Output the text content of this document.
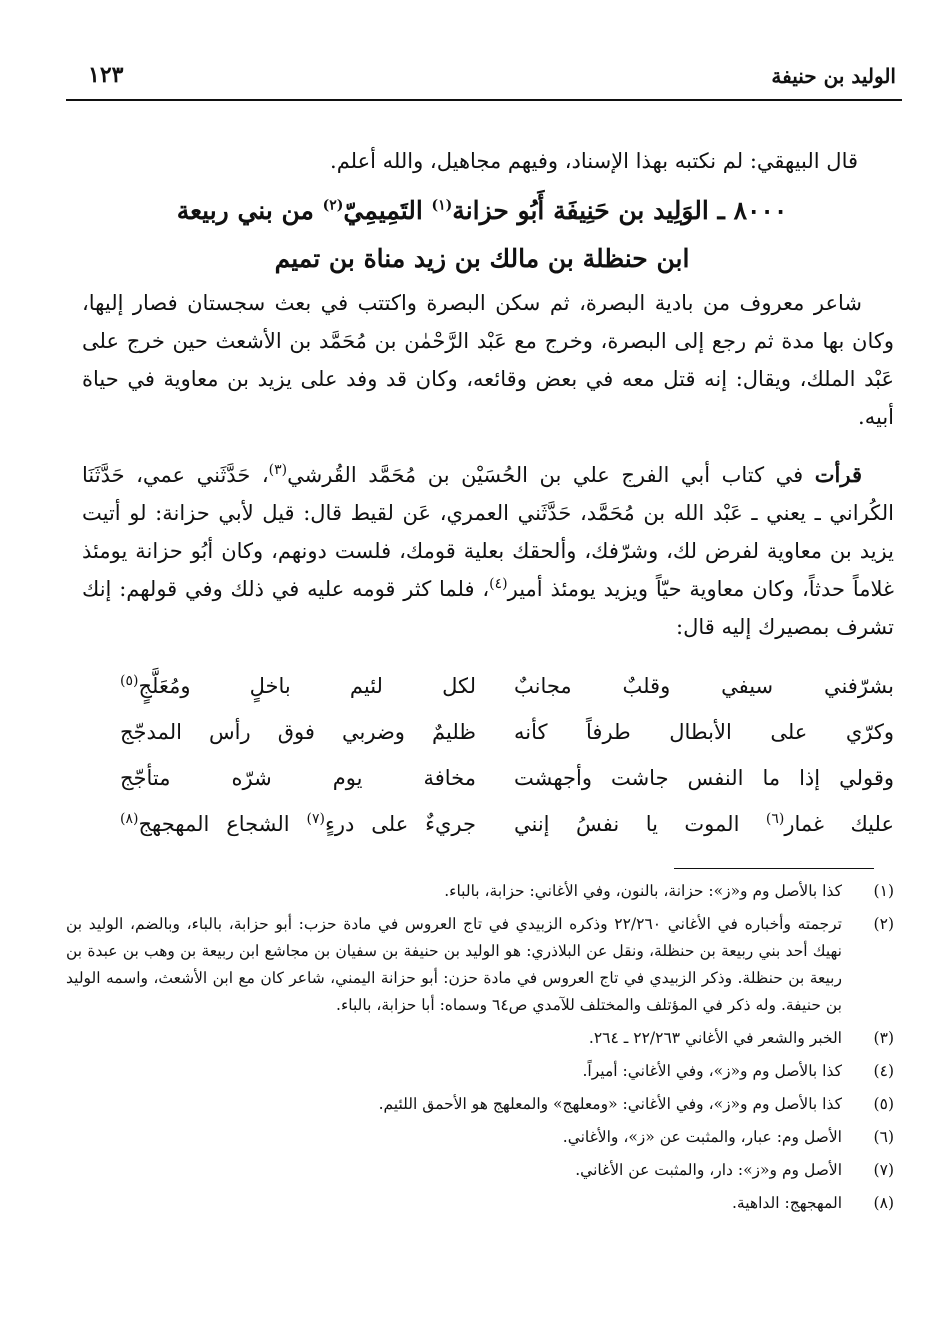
الوليد بن حنيفة
١٢٣

قال البيهقي: لم نكتبه بهذا الإسناد، وفيهم مجاهيل، والله أعلم.

٨٠٠٠ ـ الوَلِيد بن حَنِيفَة أَبُو حزانة$^{(١)}$ التَمِيمِيّ$^{(٢)}$ من بني ربيعة

ابن حنظلة بن مالك بن زيد مناة بن تميم

شاعر معروف من بادية البصرة، ثم سكن البصرة واكتتب في بعث سجستان فصار إليها، وكان بها مدة ثم رجع إلى البصرة، وخرج مع عَبْد الرَّحْمٰن بن مُحَمَّد بن الأشعث حين خرج على عَبْد الملك، ويقال: إنه قتل معه في بعض وقائعه، وكان قد وفد على يزيد بن معاوية في حياة أبيه.

قرأت في كتاب أبي الفرج علي بن الحُسَيْن بن مُحَمَّد القُرشي$^{(٣)}$، حَدَّثَني عمي، حَدَّثَنَا الكُراني ـ يعني ـ عَبْد الله بن مُحَمَّد، حَدَّثَني العمري، عَن لقيط قال: قيل لأبي حزانة: لو أتيت يزيد بن معاوية لفرض لك، وشرّفك، وألحقك بعلية قومك، فلست دونهم، وكان أبُو حزانة يومئذ غلاماً حدثاً، وكان معاوية حيّاً ويزيد يومئذ أمير$^{(٤)}$، فلما كثر قومه عليه في ذلك وفي قولهم: إنك تشرف بمصيرك إليه قال:

بشرّفني سيفي وقلبٌ مجانبٌ
لكل لئيم باخلٍ ومُعَلَّجٍ$^{(٥)}$
وكرّي على الأبطال طرفاً كأنه
ظليمٌ وضربي فوق رأس المدجّج
وقولي إذا ما النفس جاشت وأجهشت
مخافة يوم شرّه متأجّج
عليك غمار$^{(٦)}$ الموت يا نفسُ إنني
جريءٌ على درءٍ$^{(٧)}$ الشجاع المهجهج$^{(٨)}$
(١)
كذا بالأصل وم و«ز»: حزانة، بالنون، وفي الأغاني: حزابة، بالباء.
(٢)
ترجمته وأخباره في الأغاني ٢٢/٢٦٠ وذكره الزبيدي في تاج العروس في مادة حزب: أبو حزابة، بالباء، وبالضم، الوليد بن نهيك أحد بني ربيعة بن حنظلة، ونقل عن البلاذري: هو الوليد بن حنيفة بن سفيان بن مجاشع ابن ربيعة بن وهب بن عبدة بن ربيعة بن حنظلة. وذكر الزبيدي في تاج العروس في مادة حزن: أبو حزانة اليمني، شاعر كان مع ابن الأشعث، واسمه الوليد بن حنيفة. وله ذكر في المؤتلف والمختلف للآمدي ص٦٤ وسماه: أبا حزابة، بالباء.
(٣)
الخبر والشعر في الأغاني ٢٢/٢٦٣ ـ ٢٦٤.
(٤)
كذا بالأصل وم و«ز»، وفي الأغاني: أميراً.
(٥)
كذا بالأصل وم و«ز»، وفي الأغاني: «ومعلهج» والمعلهج هو الأحمق اللئيم.
(٦)
الأصل وم: عبار، والمثبت عن «ز»، والأغاني.
(٧)
الأصل وم و«ز»: دار، والمثبت عن الأغاني.
(٨)
المهجهج: الداهية.
